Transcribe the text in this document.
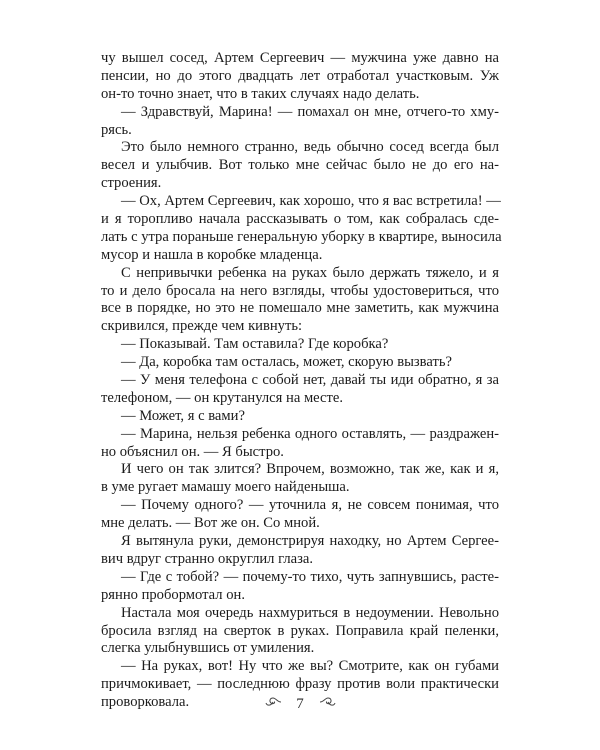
чу вышел сосед, Артем Сергеевич — мужчина уже давно на
пенсии, но до этого двадцать лет отработал участковым. Уж
он-то точно знает, что в таких случаях надо делать.
— Здравствуй, Марина! — помахал он мне, отчего-то хму-
рясь.
Это было немного странно, ведь обычно сосед всегда был
весел и улыбчив. Вот только мне сейчас было не до его на-
строения.
— Ох, Артем Сергеевич, как хорошо, что я вас встретила! —
и я торопливо начала рассказывать о том, как собралась сде-
лать с утра пораньше генеральную уборку в квартире, выносила
мусор и нашла в коробке младенца.
С непривычки ребенка на руках было держать тяжело, и я
то и дело бросала на него взгляды, чтобы удостовериться, что
все в порядке, но это не помешало мне заметить, как мужчина
скривился, прежде чем кивнуть:
— Показывай. Там оставила? Где коробка?
— Да, коробка там осталась, может, скорую вызвать?
— У меня телефона с собой нет, давай ты иди обратно, я за
телефоном, — он крутанулся на месте.
— Может, я с вами?
— Марина, нельзя ребенка одного оставлять, — раздражен-
но объяснил он. — Я быстро.
И чего он так злится? Впрочем, возможно, так же, как и я,
в уме ругает мамашу моего найденыша.
— Почему одного? — уточнила я, не совсем понимая, что
мне делать. — Вот же он. Со мной.
Я вытянула руки, демонстрируя находку, но Артем Сергее-
вич вдруг странно округлил глаза.
— Где с тобой? — почему-то тихо, чуть запнувшись, расте-
рянно пробормотал он.
Настала моя очередь нахмуриться в недоумении. Невольно
бросила взгляд на сверток в руках. Поправила край пеленки,
слегка улыбнувшись от умиления.
— На руках, вот! Ну что же вы? Смотрите, как он губами
причмокивает, — последнюю фразу против воли практически
проворковала.	7
